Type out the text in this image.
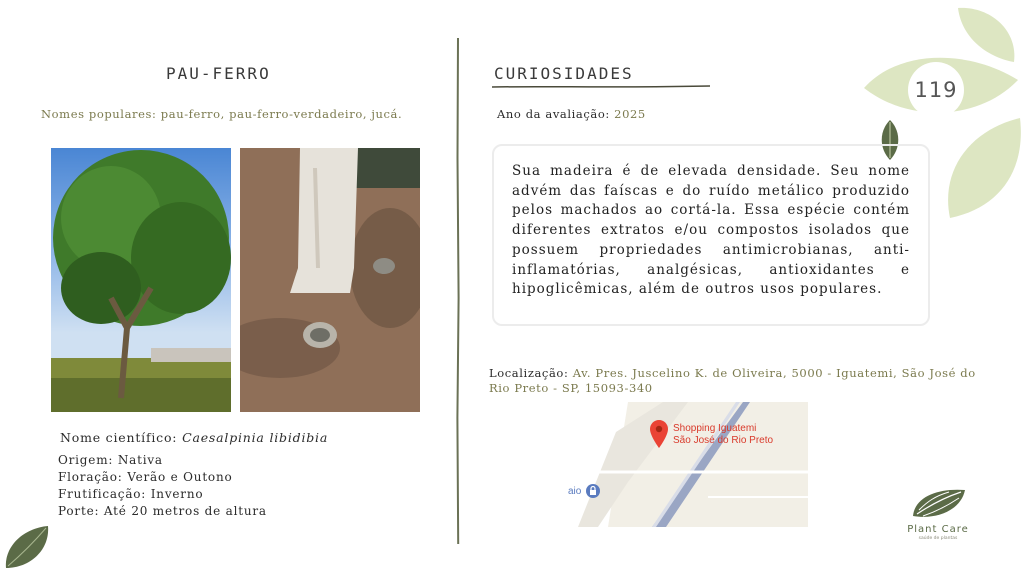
119
PAU-FERRO
Nomes populares: pau-ferro, pau-ferro-verdadeiro, jucá.
Nome científico: Caesalpinia libidibia
Origem: Nativa
Floração: Verão e Outono
Frutificação: Inverno
Porte: Até 20 metros de altura
CURIOSIDADES
Ano da avaliação: 2025

Sua madeira é de elevada densidade. Seu nome advém das faíscas e do ruído metálico produzido pelos machados ao cortá-la. Essa espécie contém diferentes extratos e/ou compostos isolados que possuem propriedades antimicrobianas, anti-inflamatórias, analgésicas, antioxidantes e hipoglicêmicas, além de outros usos populares.

Localização: Av. Pres. Juscelino K. de Oliveira, 5000 - Iguatemi, São José do Rio Preto - SP, 15093-340
Shopping Iguatemi
São José do Rio Preto
aio
Plant Care
saúde de plantas
